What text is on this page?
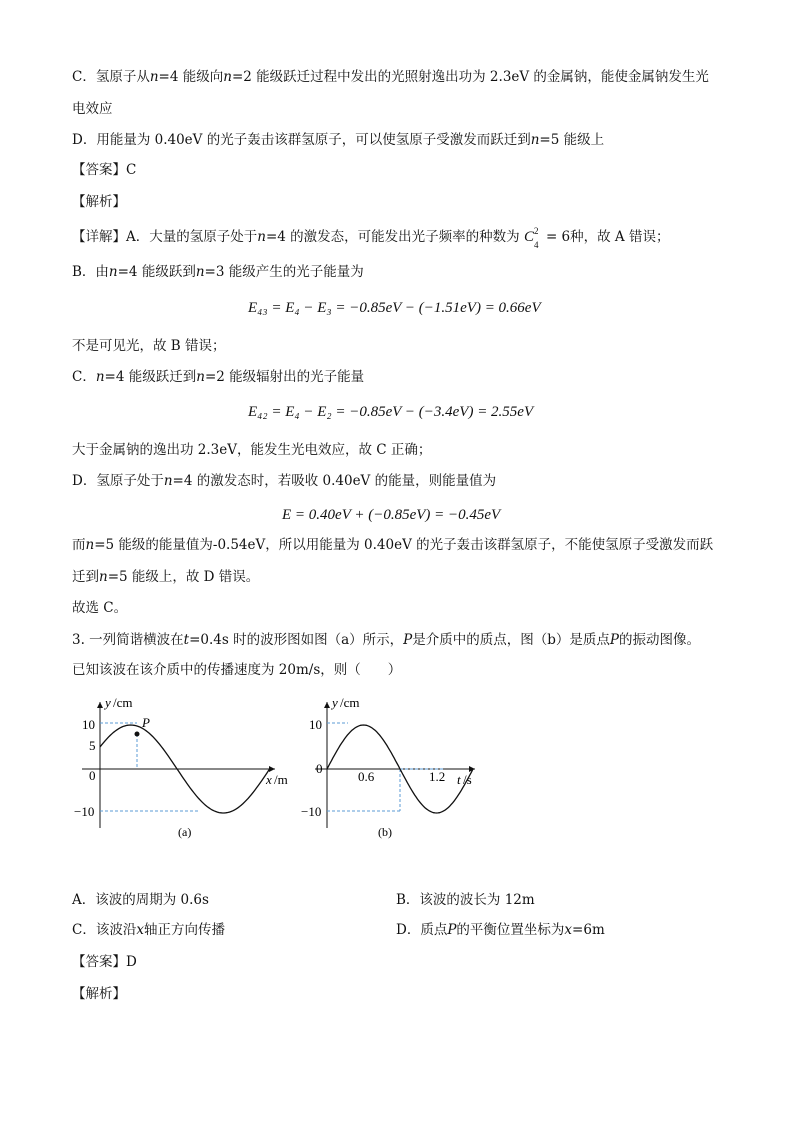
C．氢原子从n=4 能级向n=2 能级跃迁过程中发出的光照射逸出功为 2.3eV 的金属钠，能使金属钠发生光
电效应
D．用能量为 0.40eV 的光子轰击该群氢原子，可以使氢原子受激发而跃迁到n=5 能级上
【答案】C
【解析】
【详解】A．大量的氢原子处于n=4 的激发态，可能发出光子频率的种数为 C 2
4 = 6种，故 A 错误；
B．由n=4 能级跃到n=3 能级产生的光子能量为
E₄₃ = E₄ − E₃ = −0.85eV − (−1.51eV) = 0.66eV
不是可见光，故 B 错误；
C．n=4 能级跃迁到n=2 能级辐射出的光子能量
E₄₂ = E₄ − E₂ = −0.85eV − (−3.4eV) = 2.55eV
大于金属钠的逸出功 2.3eV，能发生光电效应，故 C 正确；
D．氢原子处于n=4 的激发态时，若吸收 0.40eV 的能量，则能量值为
E = 0.40eV + (−0.85eV) = −0.45eV
而n=5 能级的能量值为-0.54eV，所以用能量为 0.40eV 的光子轰击该群氢原子，不能使氢原子受激发而跃
迁到n=5 能级上，故 D 错误。
故选 C。
3. 一列简谐横波在t=0.4s 时的波形图如图（a）所示，P是介质中的质点，图（b）是质点P的振动图像。
已知该波在该介质中的传播速度为 20m/s，则（　　）
y /cm
x /m
10
5
0
−10
P
(a)
y /cm
t /s
10
0
0.6	1.2
−10
(b)
A．该波的周期为 0.6s	B．该波的波长为 12m
C．该波沿x轴正方向传播	D．质点P的平衡位置坐标为x=6m
【答案】D
【解析】
